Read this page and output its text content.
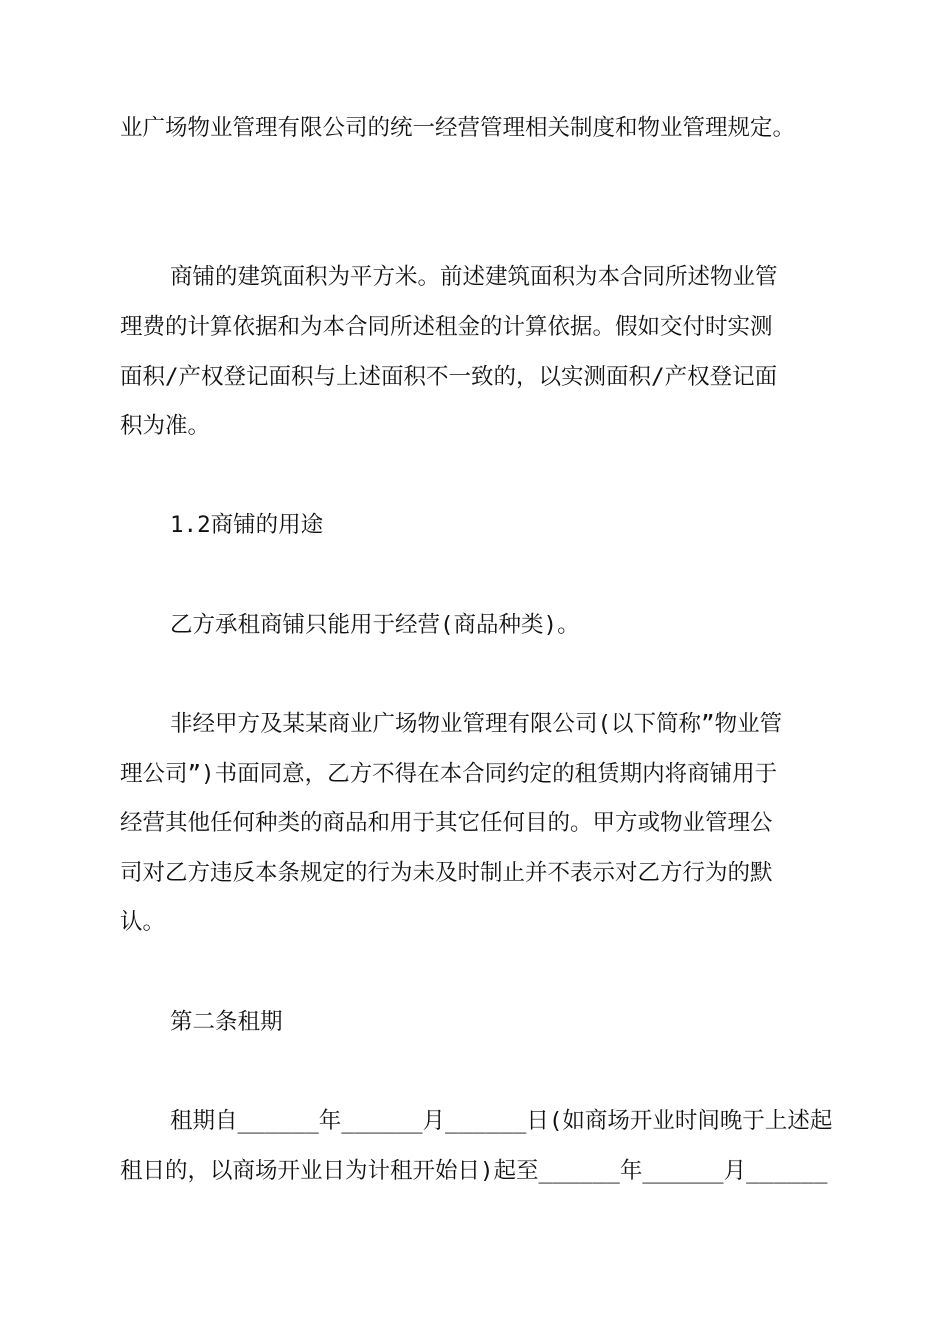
业广场物业管理有限公司的统一经营管理相关制度和物业管理规定。
商铺的建筑面积为平方米。前述建筑面积为本合同所述物业管
理费的计算依据和为本合同所述租金的计算依据。假如交付时实测
面积/产权登记面积与上述面积不一致的，以实测面积/产权登记面
积为准。
1.2商铺的用途
乙方承租商铺只能用于经营(商品种类)。
非经甲方及某某商业广场物业管理有限公司(以下简称”物业管
理公司”)书面同意，乙方不得在本合同约定的租赁期内将商铺用于
经营其他任何种类的商品和用于其它任何目的。甲方或物业管理公
司对乙方违反本条规定的行为未及时制止并不表示对乙方行为的默
认。
第二条租期
租期自______年______月______日(如商场开业时间晚于上述起
租日的，以商场开业日为计租开始日)起至______年______月______
